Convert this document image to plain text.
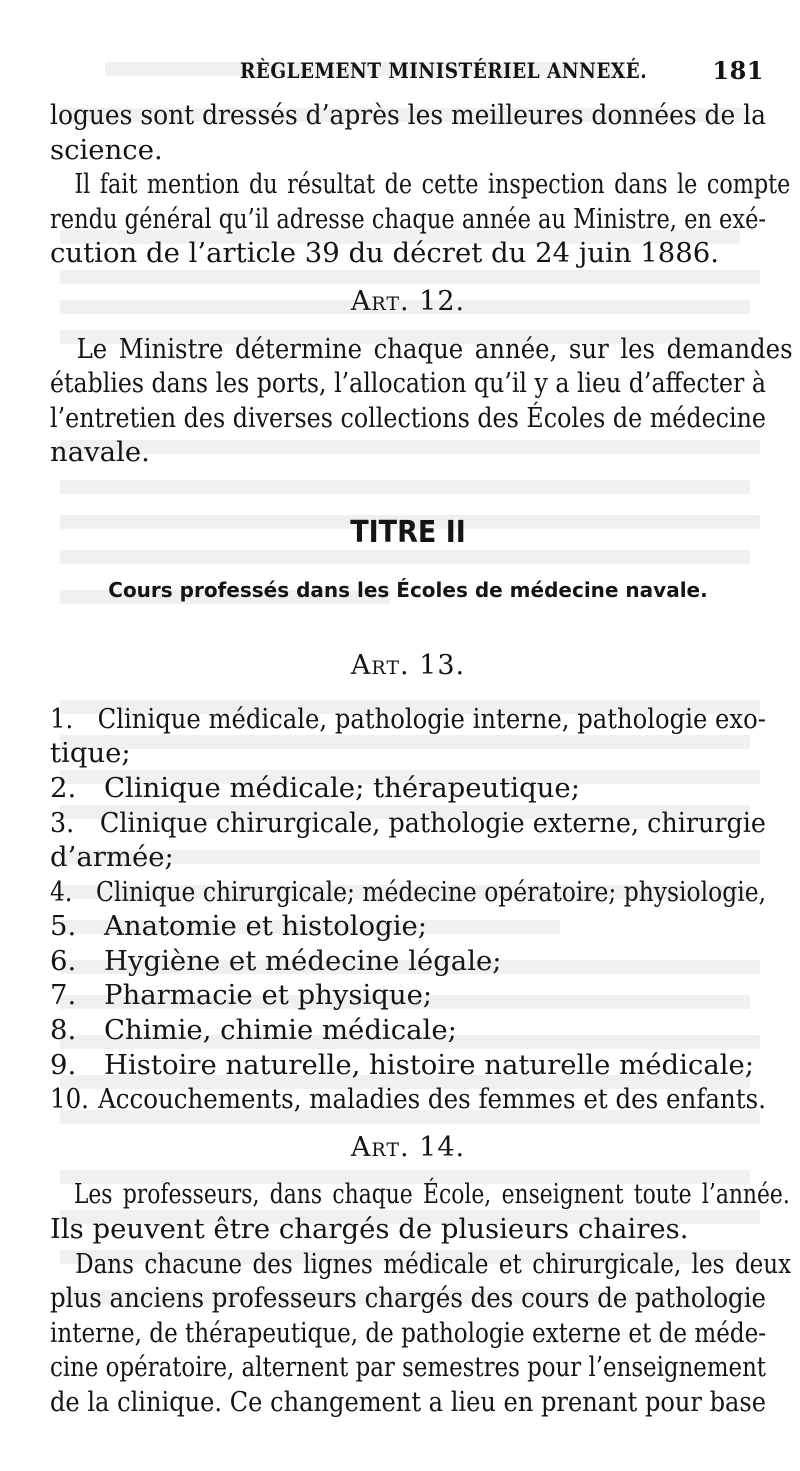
RÈGLEMENT MINISTÉRIEL ANNEXÉ.	181

logues sont dressés d’après les meilleures données de la
science.

Il fait mention du résultat de cette inspection dans le compte
rendu général qu’il adresse chaque année au Ministre, en exé-
cution de l’article 39 du décret du 24 juin 1886.

Art. 12.

Le Ministre détermine chaque année, sur les demandes
établies dans les ports, l’allocation qu’il y a lieu d’affecter à
l’entretien des diverses collections des Écoles de médecine
navale.

TITRE II
Cours professés dans les Écoles de médecine navale.
Art. 13.
1. Clinique médicale, pathologie interne, pathologie exo-
tique;
2. Clinique médicale; thérapeutique;
3. Clinique chirurgicale, pathologie externe, chirurgie
d’armée;
4. Clinique chirurgicale; médecine opératoire; physiologie,
5. Anatomie et histologie;
6. Hygiène et médecine légale;
7. Pharmacie et physique;
8. Chimie, chimie médicale;
9. Histoire naturelle, histoire naturelle médicale;
10. Accouchements, maladies des femmes et des enfants.
Art. 14.

Les professeurs, dans chaque École, enseignent toute l’année.
Ils peuvent être chargés de plusieurs chaires.

Dans chacune des lignes médicale et chirurgicale, les deux
plus anciens professeurs chargés des cours de pathologie
interne, de thérapeutique, de pathologie externe et de méde-
cine opératoire, alternent par semestres pour l’enseignement
de la clinique. Ce changement a lieu en prenant pour base
